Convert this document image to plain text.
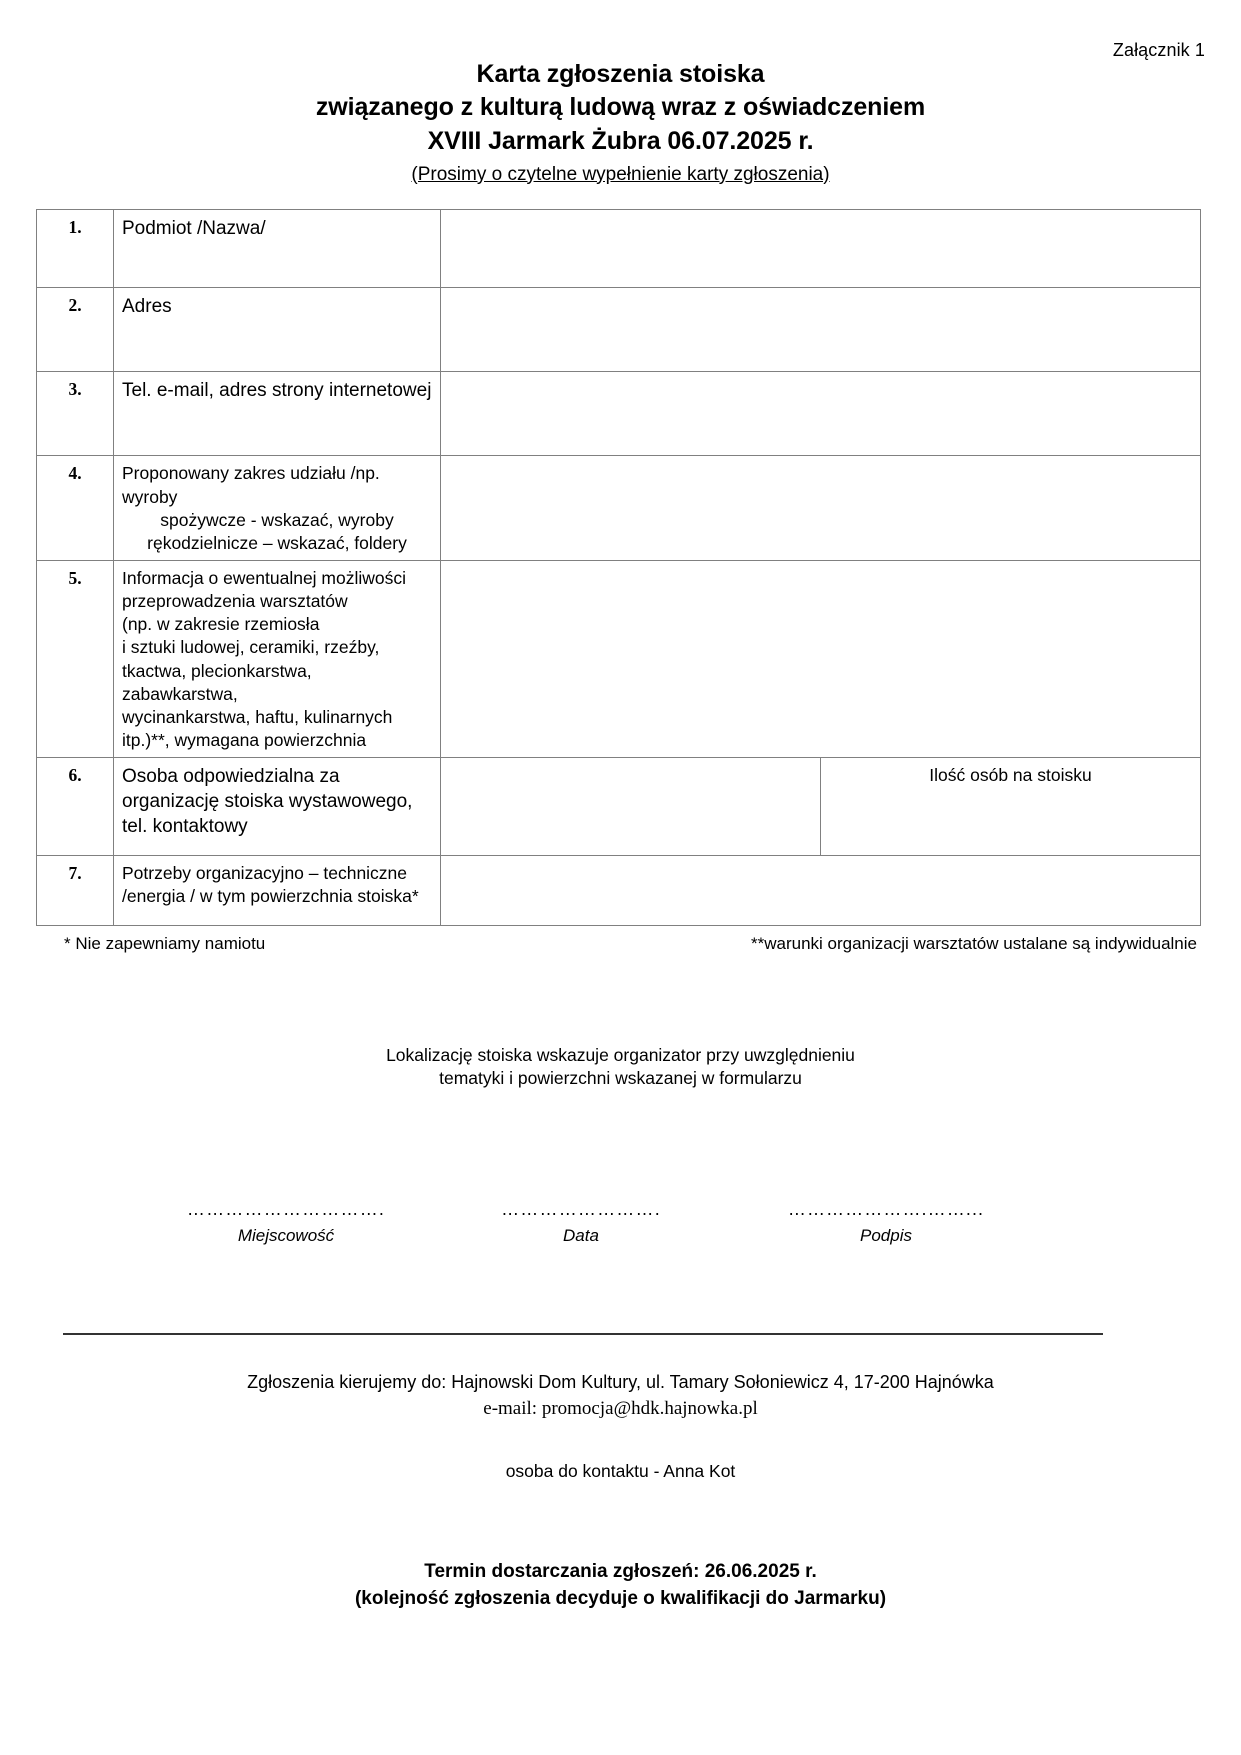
Załącznik 1
Karta zgłoszenia stoiska
związanego z kulturą ludową wraz z oświadczeniem
XVIII Jarmark Żubra 06.07.2025 r.
(Prosimy o czytelne wypełnienie karty zgłoszenia)
1.	Podmiot /Nazwa/		

2.	Adres		

3.	Tel. e-mail, adres strony internetowej		

4.	Proponowany zakres udziału /np. wyroby
spożywcze - wskazać, wyroby
rękodzielnicze – wskazać, foldery		

5.	Informacja o ewentualnej możliwości
przeprowadzenia warsztatów
(np. w zakresie rzemiosła
i sztuki ludowej, ceramiki, rzeźby,
tkactwa, plecionkarstwa, zabawkarstwa,
wycinankarstwa, haftu, kulinarnych
itp.)**, wymagana powierzchnia

6.	Osoba odpowiedzialna za
organizację stoiska wystawowego,
tel. kontaktowy		Ilość osób na stoisku

7.	Potrzeby organizacyjno – techniczne
/energia / w tym powierzchnia stoiska*		

* Nie zapewniamy namiotu	**warunki organizacji warsztatów ustalane są indywidualnie
Lokalizację stoiska wskazuje organizator przy uwzględnieniu
tematyki i powierzchni wskazanej w formularzu
………………………….
Miejscowość
…………………….
Data
………………….……...
Podpis
Zgłoszenia kierujemy do: Hajnowski Dom Kultury, ul. Tamary Sołoniewicz 4, 17-200 Hajnówka
e-mail: promocja@hdk.hajnowka.pl
osoba do kontaktu - Anna Kot
Termin dostarczania zgłoszeń: 26.06.2025 r.
(kolejność zgłoszenia decyduje o kwalifikacji do Jarmarku)
